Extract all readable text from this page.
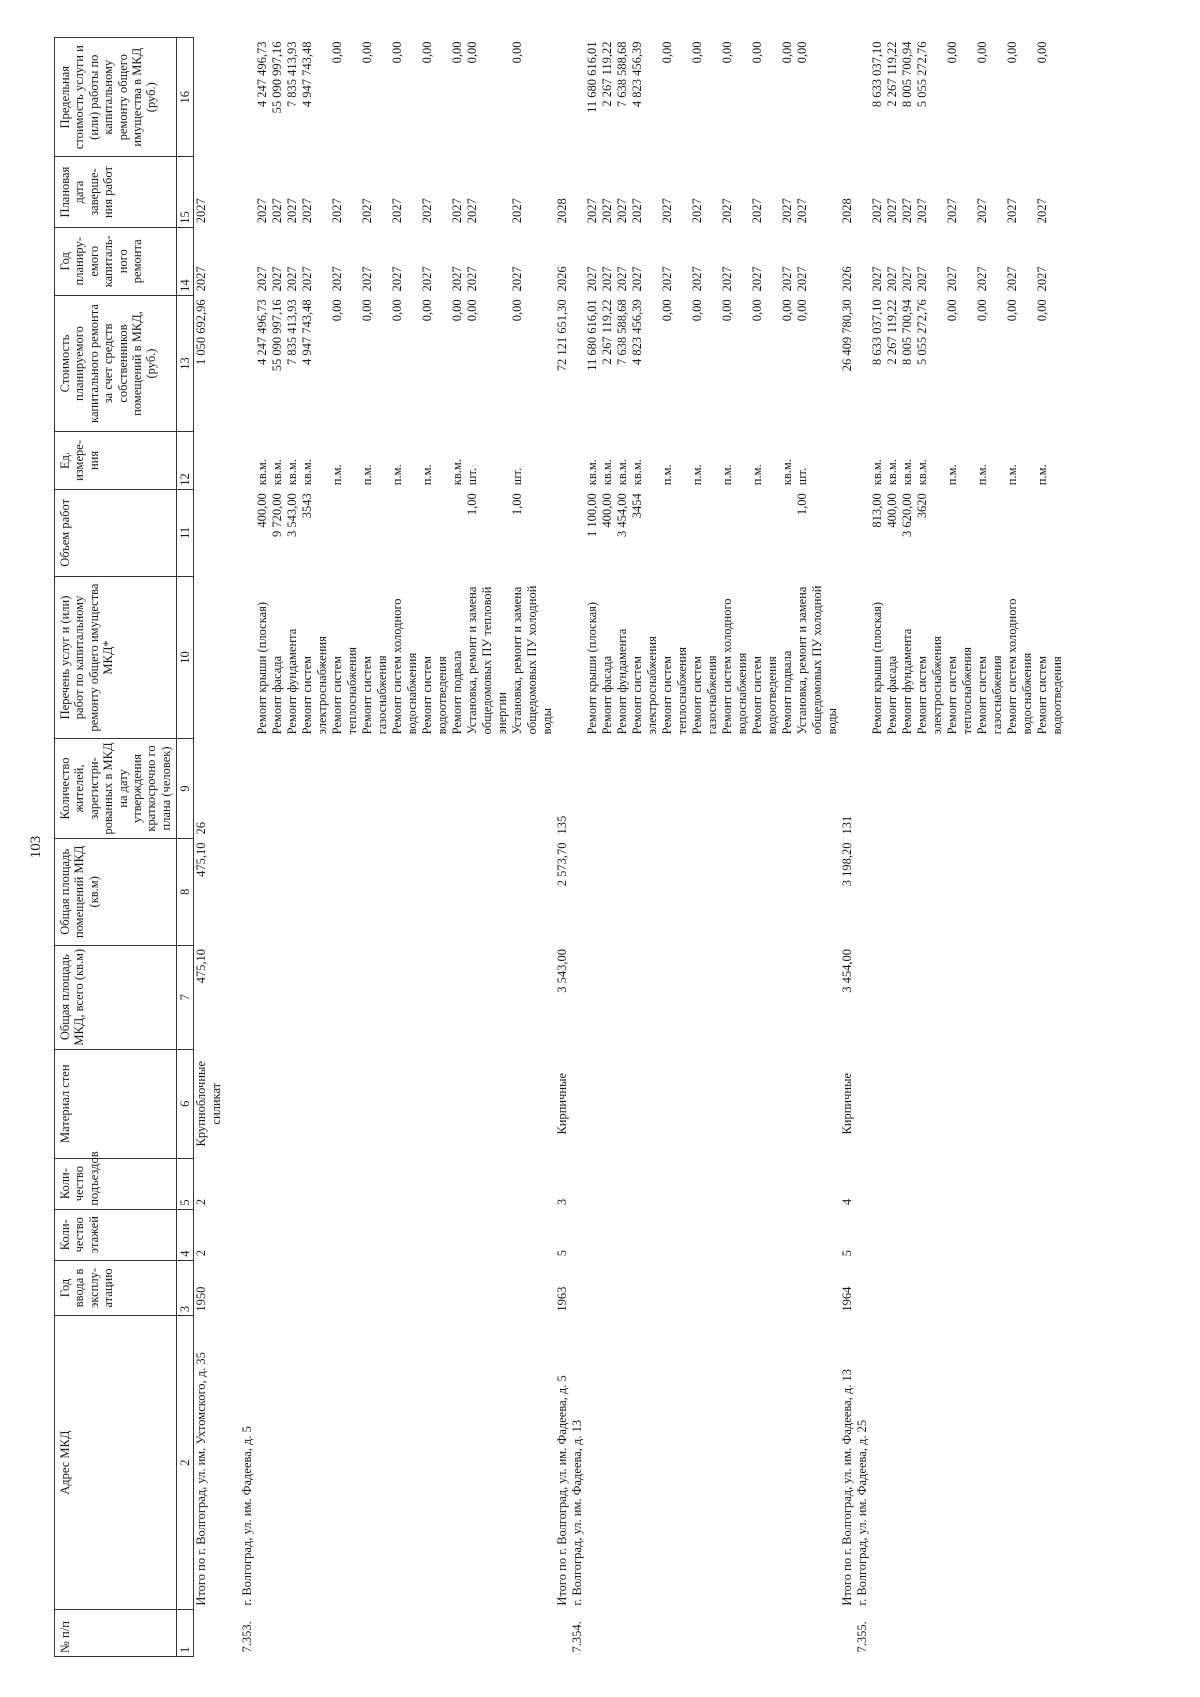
103
№ п/п	Адрес МКД	Год ввода в эксплу-атацию	Коли-чество этажей	Коли-чество подъездов	Материал стен	Общая площадь МКД, всего (кв.м)	Общая площадь помещений МКД (кв.м)	Количество жителей, зарегистри-рованных в МКД на дату утверждения краткосрочно го плана (человек)	Перечень услуг и (или) работ по капитальному ремонту общего имущества МКД*	Объем работ	Ед. измере-ния	Стоимость планируемого капитального ремонта за счет средств собственников помещений в МКД, (руб.)	Год планиру-емого капиталь-ного ремонта	Плановая дата заверше-ния работ	Предельная стоимость услуги и (или) работы по капитальному ремонту общего имущества в МКД (руб.)
1	2	3	4	5	6	7	8	9	10	11	12	13	14	15	16
	Итого по г. Волгоград, ул. им. Ухтомского, д. 35	1950	2	2	Крупноблочные силикат	475,10	475,10	26				1 050 692,96	2027	2027	

7.353.	г. Волгоград, ул. им. Фадеева, д. 5														
									Ремонт крыши (плоская)	400,00	кв.м.	4 247 496,73	2027	2027	4 247 496,73
									Ремонт фасада	9 720,00	кв.м.	55 090 997,16	2027	2027	55 090 997,16
									Ремонт фундамента	3 543,00	кв.м.	7 835 413,93	2027	2027	7 835 413,93
									Ремонт систем электроснабжения	3543	кв.м.	4 947 743,48	2027	2027	4 947 743,48
									Ремонт систем теплоснабжения		п.м.	0,00	2027	2027	0,00
									Ремонт систем газоснабжения		п.м.	0,00	2027	2027	0,00
									Ремонт систем холодного водоснабжения		п.м.	0,00	2027	2027	0,00
									Ремонт систем водоотведения		п.м.	0,00	2027	2027	0,00
									Ремонт подвала		кв.м.	0,00	2027	2027	0,00
									Установка, ремонт и замена общедомовых ПУ тепловой энергии	1,00	шт.	0,00	2027	2027	0,00
									Установка, ремонт и замена общедомовых ПУ холодной воды	1,00	шт.	0,00	2027	2027	0,00
	Итого по г. Волгоград, ул. им. Фадеева, д. 5	1963	5	3	Кирпичные	3 543,00	2 573,70	135				72 121 651,30	2026	2028	
7.354.	г. Волгоград, ул. им. Фадеева, д. 13														
									Ремонт крыши (плоская)	1 100,00	кв.м.	11 680 616,01	2027	2027	11 680 616,01
									Ремонт фасада	400,00	кв.м.	2 267 119,22	2027	2027	2 267 119,22
									Ремонт фундамента	3 454,00	кв.м.	7 638 588,68	2027	2027	7 638 588,68
									Ремонт систем электроснабжения	3454	кв.м.	4 823 456,39	2027	2027	4 823 456,39
									Ремонт систем теплоснабжения		п.м.	0,00	2027	2027	0,00
									Ремонт систем газоснабжения		п.м.	0,00	2027	2027	0,00
									Ремонт систем холодного водоснабжения		п.м.	0,00	2027	2027	0,00
									Ремонт систем водоотведения		п.м.	0,00	2027	2027	0,00
									Ремонт подвала		кв.м.	0,00	2027	2027	0,00
									Установка, ремонт и замена общедомовых ПУ холодной воды	1,00	шт.	0,00	2027	2027	0,00
	Итого по г. Волгоград, ул. им. Фадеева, д. 13	1964	5	4	Кирпичные	3 454,00	3 198,20	131				26 409 780,30	2026	2028	
7.355.	г. Волгоград, ул. им. Фадеева, д. 25														
									Ремонт крыши (плоская)	813,00	кв.м.	8 633 037,10	2027	2027	8 633 037,10
									Ремонт фасада	400,00	кв.м.	2 267 119,22	2027	2027	2 267 119,22
									Ремонт фундамента	3 620,00	кв.м.	8 005 700,94	2027	2027	8 005 700,94
									Ремонт систем электроснабжения	3620	кв.м.	5 055 272,76	2027	2027	5 055 272,76
									Ремонт систем теплоснабжения		п.м.	0,00	2027	2027	0,00
									Ремонт систем газоснабжения		п.м.	0,00	2027	2027	0,00
									Ремонт систем холодного водоснабжения		п.м.	0,00	2027	2027	0,00
									Ремонт систем водоотведения		п.м.	0,00	2027	2027	0,00
